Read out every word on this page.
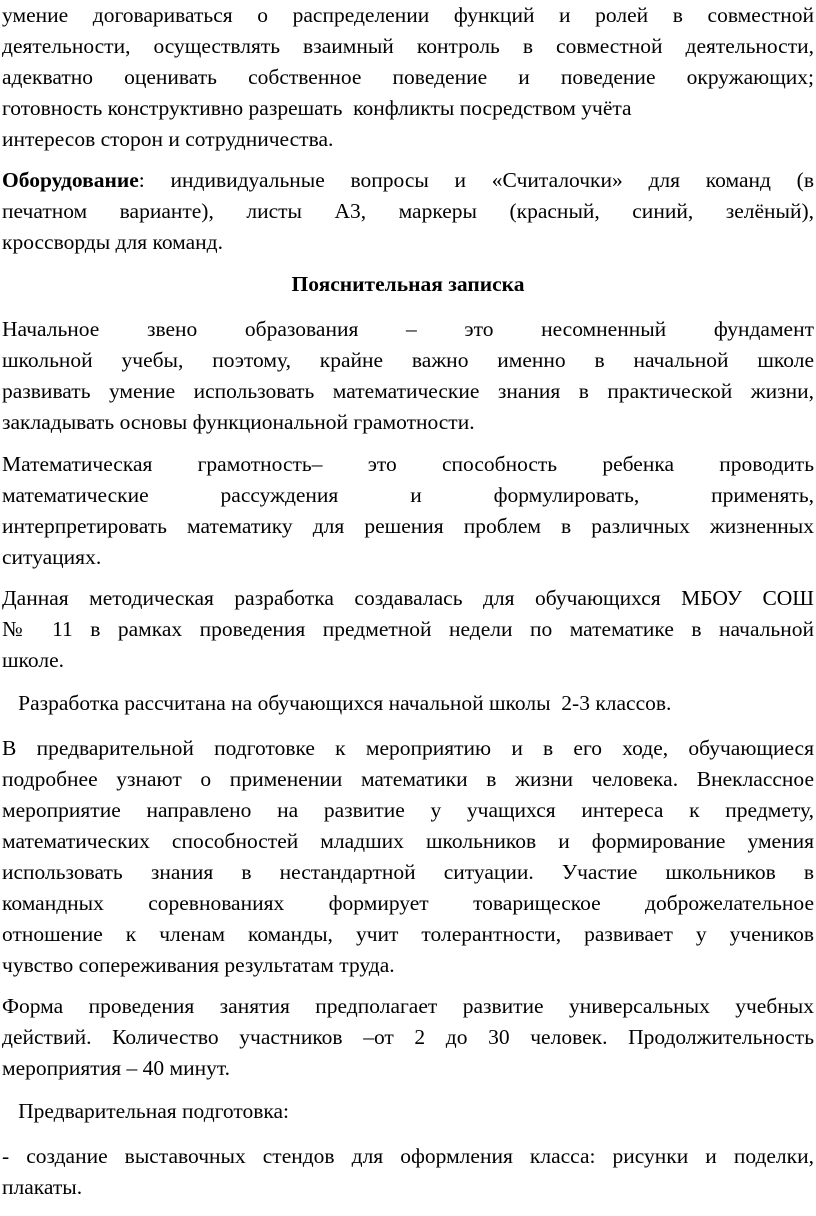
умение договариваться о распределении функций и ролей в совместной
деятельности, осуществлять взаимный контроль в совместной деятельности,
адекватно оценивать собственное поведение и поведение окружающих;
готовность конструктивно разрешать  конфликты посредством учёта
интересов сторон и сотрудничества.
Оборудование: индивидуальные вопросы и «Считалочки» для команд (в
печатном варианте), листы А3, маркеры (красный, синий, зелёный),
кроссворды для команд.
Пояснительная записка
Начальное звено образования – это несомненный фундамент
школьной учебы, поэтому, крайне важно именно в начальной школе
развивать умение использовать математические знания в практической жизни,
закладывать основы функциональной грамотности.
Математическая грамотность– это способность ребенка проводить
математические рассуждения и формулировать, применять,
интерпретировать математику для решения проблем в различных жизненных
ситуациях.
Данная методическая разработка создавалась для обучающихся МБОУ СОШ
№ 11 в рамках проведения предметной недели по математике в начальной
школе.
Разработка рассчитана на обучающихся начальной школы  2-3 классов.
В предварительной подготовке к мероприятию и в его ходе, обучающиеся
подробнее узнают о применении математики в жизни человека. Внеклассное
мероприятие направлено на развитие у учащихся интереса к предмету,
математических способностей младших школьников и формирование умения
использовать знания в нестандартной ситуации. Участие школьников в
командных соревнованиях формирует товарищеское доброжелательное
отношение к членам команды, учит толерантности, развивает у учеников
чувство сопереживания результатам труда.
Форма проведения занятия предполагает развитие универсальных учебных
действий. Количество участников –от 2 до 30 человек. Продолжительность
мероприятия – 40 минут.
Предварительная подготовка:
- создание выставочных стендов для оформления класса: рисунки и поделки,
плакаты.
